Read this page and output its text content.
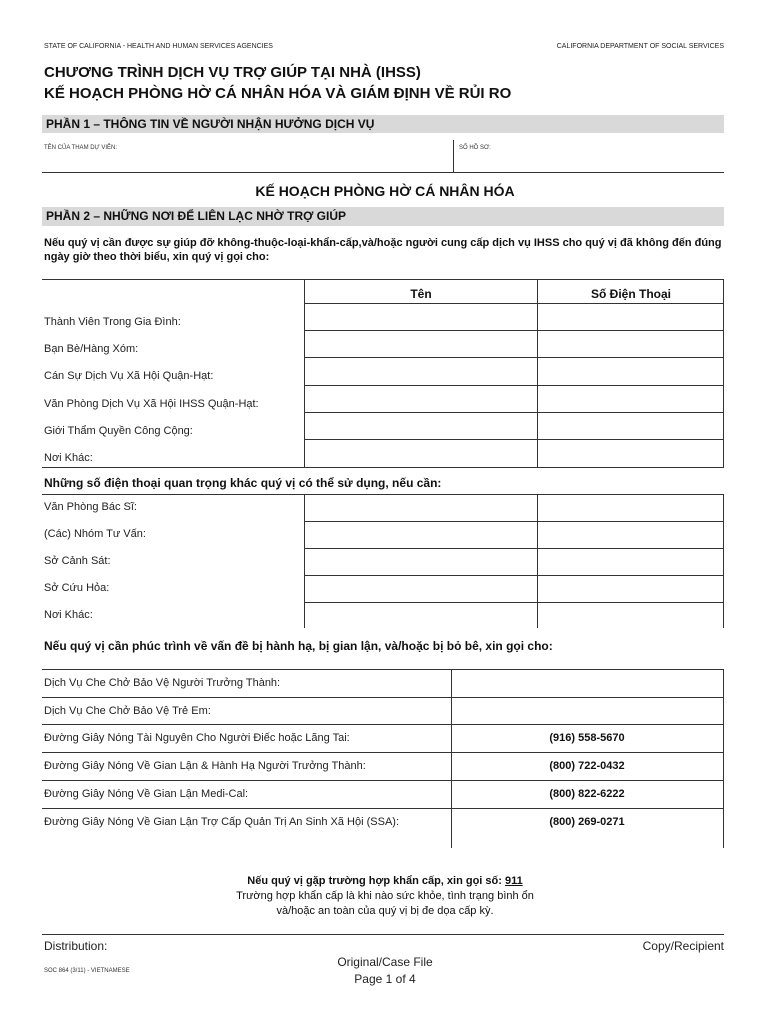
STATE OF CALIFORNIA - HEALTH AND HUMAN SERVICES AGENCIES	CALIFORNIA DEPARTMENT OF SOCIAL SERVICES
CHƯƠNG TRÌNH DỊCH VỤ TRỢ GIÚP TẠI NHÀ (IHSS)
KẾ HOẠCH PHÒNG HỜ CÁ NHÂN HÓA VÀ GIÁM ĐỊNH VỀ RỦI RO
PHẦN 1 – THÔNG TIN VỀ NGƯỜI NHẬN HƯỞNG DỊCH VỤ
TÊN CỦA THAM DỰ VIÊN:	SỐ HỒ SƠ:
KẾ HOẠCH PHÒNG HỜ CÁ NHÂN HÓA
PHẦN 2 – NHỮNG NƠI ĐỂ LIÊN LẠC NHỜ TRỢ GIÚP
Nếu quý vị cần được sự giúp đỡ không-thuộc-loại-khẩn-cấp,và/hoặc người cung cấp dịch vụ IHSS cho quý vị đã không đến đúng ngày giờ theo thời biểu, xin quý vị gọi cho:
Tên	Số Điện Thoại
Thành Viên Trong Gia Đình:
Bạn Bè/Hàng Xóm:
Cán Sự Dịch Vụ Xã Hội Quận-Hạt:
Văn Phòng Dịch Vụ Xã Hội IHSS Quận-Hạt:
Giới Thẩm Quyền Công Cộng:
Nơi Khác:
Những số điện thoại quan trọng khác quý vị có thể sử dụng, nếu cần:
Văn Phòng Bác Sĩ:
(Các) Nhóm Tư Vấn:
Sở Cảnh Sát:
Sở Cứu Hỏa:
Nơi Khác:
Nếu quý vị cần phúc trình về vấn đề bị hành hạ, bị gian lận, và/hoặc bị bỏ bê, xin gọi cho:
Dịch Vụ Che Chở Bảo Vệ Người Trưởng Thành:
Dịch Vụ Che Chở Bảo Vệ Trẻ Em:
Đường Giây Nóng Tài Nguyên Cho Người Điếc hoặc Lãng Tai:	(916) 558-5670
Đường Giây Nóng Về Gian Lận & Hành Hạ Người Trưởng Thành:	(800) 722-0432
Đường Giây Nóng Về Gian Lận Medi-Cal:	(800) 822-6222
Đường Giây Nóng Về Gian Lận Trợ Cấp Quản Trị An Sinh Xã Hội (SSA):	(800) 269-0271
Nếu quý vị gặp trường hợp khẩn cấp, xin gọi số: 911
Trường hợp khẩn cấp là khi nào sức khỏe, tình trạng bình ổn
và/hoặc an toàn của quý vị bị đe dọa cấp kỳ.
Distribution:
Original/Case File
Copy/Recipient
SOC 864 (3/11) - VIETNAMESE
Page 1 of 4
